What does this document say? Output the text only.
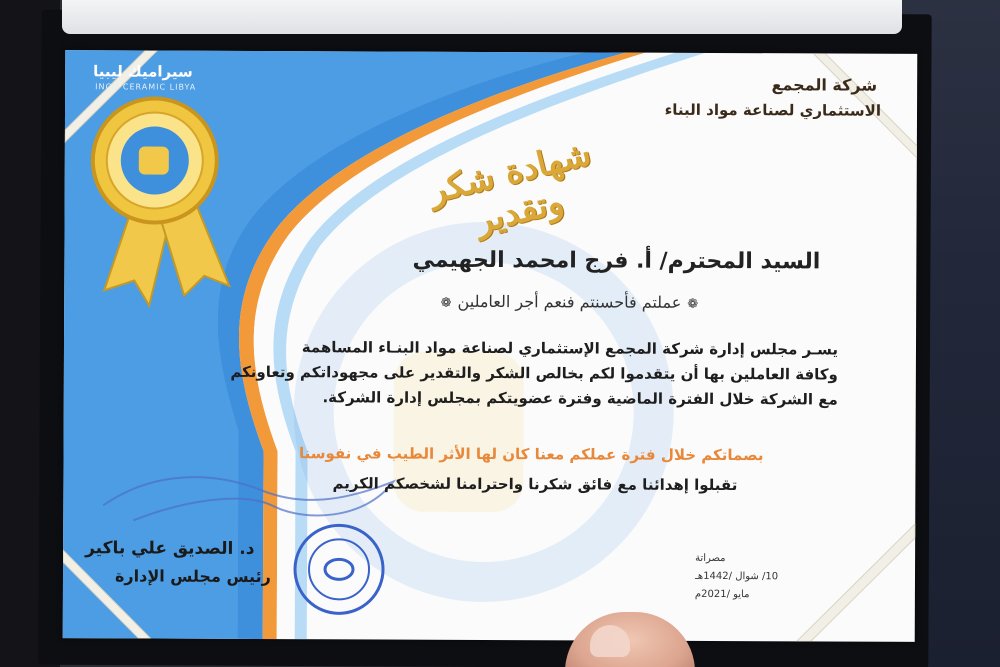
سيراميك ليبيا
INCO CERAMIC LIBYA	شركة المجمع
الاستثماري لصناعة مواد البناء
شهادة شكر وتقدير
السيد المحترم/ أ. فرج امحمد الجهيمي
❁عملتم فأحسنتم فنعم أجر العاملين❁
يسـر مجلس إدارة شركة المجمع الإستثماري لصناعة مواد البنـاء المساهمة
وكافة العاملين بها أن يتقدموا لكم بخالص الشكر والتقدير على مجهوداتكم وتعاونكم
مع الشركة خلال الفترة الماضية وفترة عضويتكم بمجلس إدارة الشركة.
بصماتكم خلال فترة عملكم معنا كان لها الأثر الطيب في نفوسنا
تقبلوا إهدائنا مع فائق شكرنا واحترامنا لشخصكم الكريم
د. الصديق علي باكير
رئيس مجلس الإدارة
مصراتة
10/ شوال /1442هـ
مايو /2021م
